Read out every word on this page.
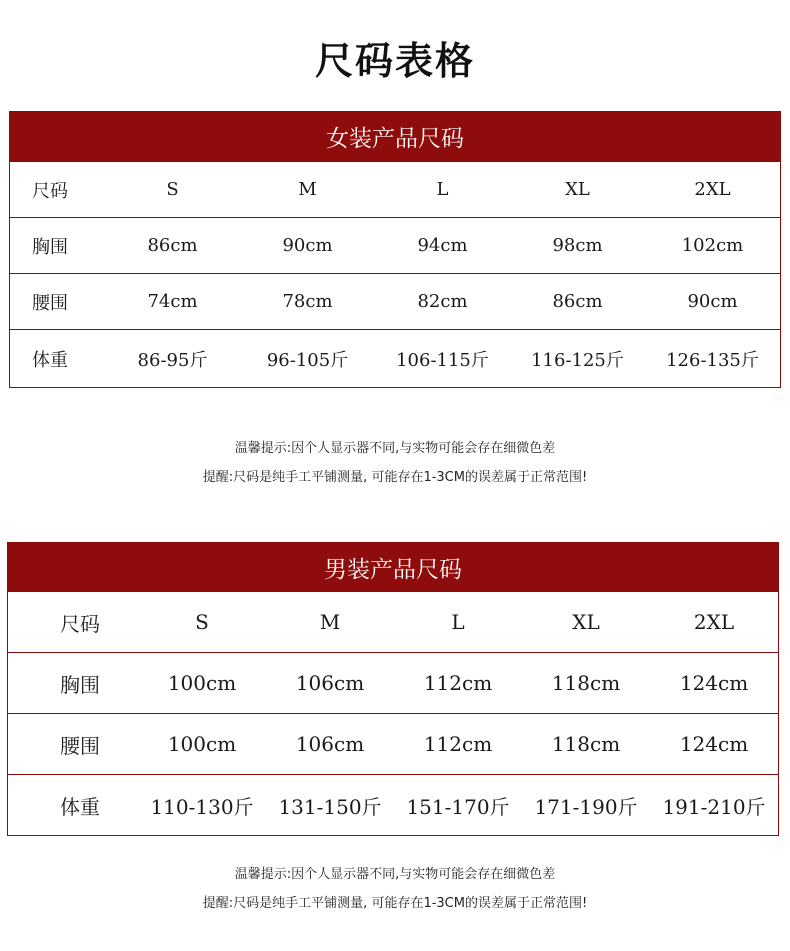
尺码表格
女装产品尺码
尺码	S	M	L	XL	2XL
胸围	86cm	90cm	94cm	98cm	102cm
腰围	74cm	78cm	82cm	86cm	90cm
体重	86-95斤	96-105斤	106-115斤	116-125斤	126-135斤
温馨提示:因个人显示器不同,与实物可能会存在细微色差
提醒:尺码是纯手工平铺测量, 可能存在1-3CM的误差属于正常范围!
男装产品尺码
尺码	S	M	L	XL	2XL
胸围	100cm	106cm	112cm	118cm	124cm
腰围	100cm	106cm	112cm	118cm	124cm
体重	110-130斤	131-150斤	151-170斤	171-190斤	191-210斤
温馨提示:因个人显示器不同,与实物可能会存在细微色差
提醒:尺码是纯手工平铺测量, 可能存在1-3CM的误差属于正常范围!
